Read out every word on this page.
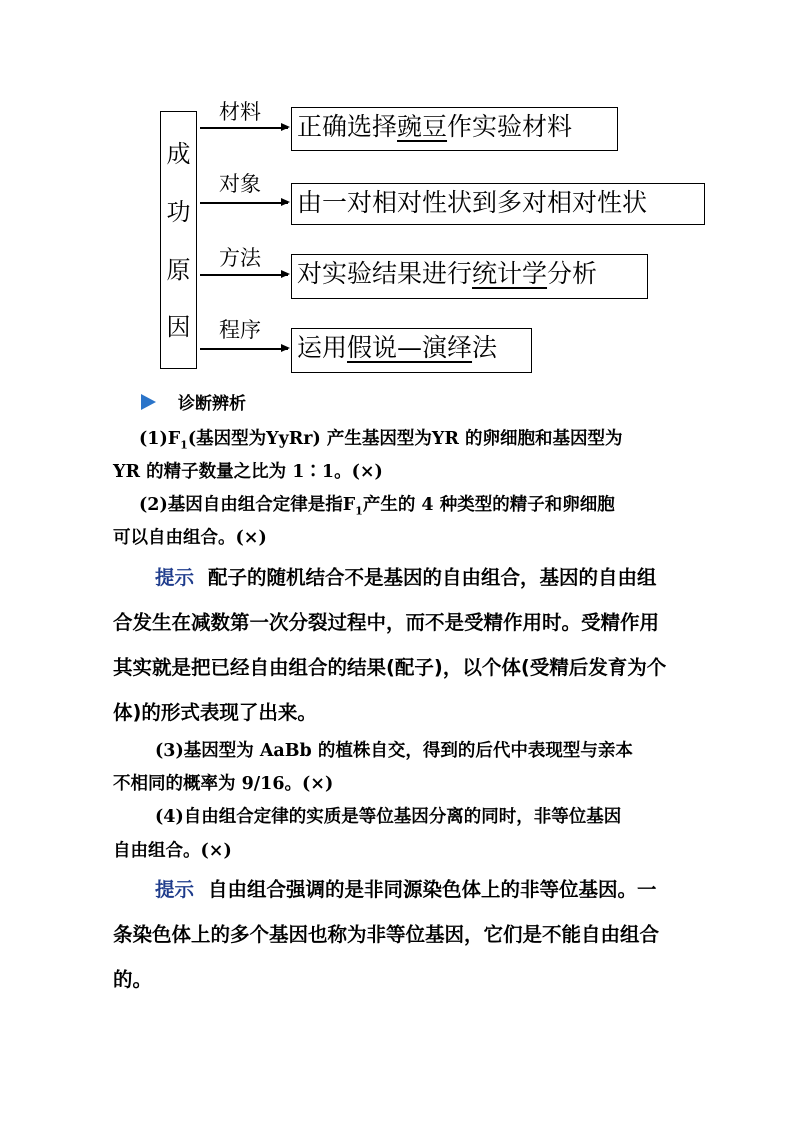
成
功
原
因
材料 正确选择豌豆作实验材料
对象
由一对相对性状到多对相对性状
方法
对实验结果进行统计学分析
程序
运用假说—演绎法
诊断辨析
$(1)F_1$(基因型为YyRr) 产生基因型为YR 的卵细胞和基因型为
YR 的精子数量之比为 1∶1。(×)
(2)基因自由组合定律是指$F_1$产生的 4 种类型的精子和卵细胞
可以自由组合。(×)
提示 配子的随机结合不是基因的自由组合，基因的自由组
合发生在减数第一次分裂过程中，而不是受精作用时。受精作用
其实就是把已经自由组合的结果(配子)，以个体(受精后发育为个
体)的形式表现了出来。
(3)基因型为 AaBb 的植株自交，得到的后代中表现型与亲本
不相同的概率为 9/16。(×)
(4)自由组合定律的实质是等位基因分离的同时，非等位基因
自由组合。(×)
提示 自由组合强调的是非同源染色体上的非等位基因。一
条染色体上的多个基因也称为非等位基因，它们是不能自由组合
的。
